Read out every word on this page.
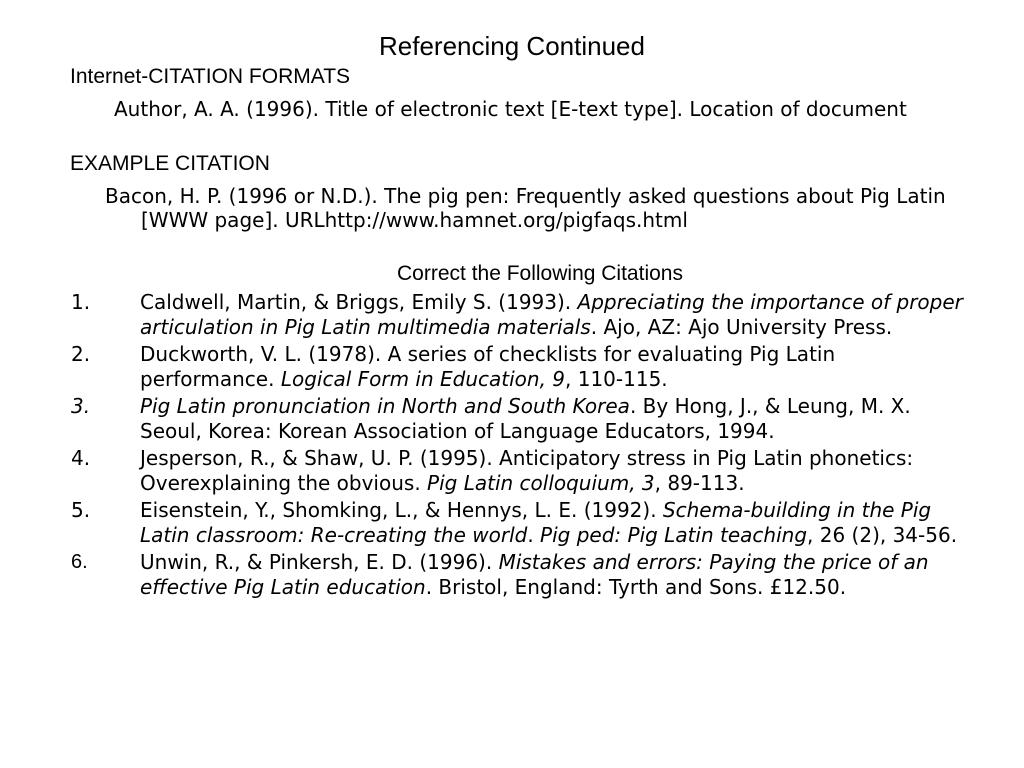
Referencing Continued
Internet-CITATION FORMATS

Author, A. A. (1996). Title of electronic text [E-text type]. Location of document

EXAMPLE CITATION

Bacon, H. P. (1996 or N.D.). The pig pen: Frequently asked questions about Pig Latin [WWW page]. URLhttp://www.hamnet.org/pigfaqs.html

Correct the Following Citations
1.	Caldwell, Martin, & Briggs, Emily S. (1993). Appreciating the importance of proper articulation in Pig Latin multimedia materials. Ajo, AZ: Ajo University Press.
2.	Duckworth, V. L. (1978). A series of checklists for evaluating Pig Latin performance. Logical Form in Education, 9, 110-115.
3.	Pig Latin pronunciation in North and South Korea. By Hong, J., & Leung, M. X. Seoul, Korea: Korean Association of Language Educators, 1994.
4.	Jesperson, R., & Shaw, U. P. (1995). Anticipatory stress in Pig Latin phonetics: Overexplaining the obvious. Pig Latin colloquium, 3, 89-113.
5.	Eisenstein, Y., Shomking, L., & Hennys, L. E. (1992). Schema-building in the Pig Latin classroom: Re-creating the world. Pig ped: Pig Latin teaching, 26 (2), 34-56.
6.	Unwin, R., & Pinkersh, E. D. (1996). Mistakes and errors: Paying the price of an effective Pig Latin education. Bristol, England: Tyrth and Sons. £12.50.
